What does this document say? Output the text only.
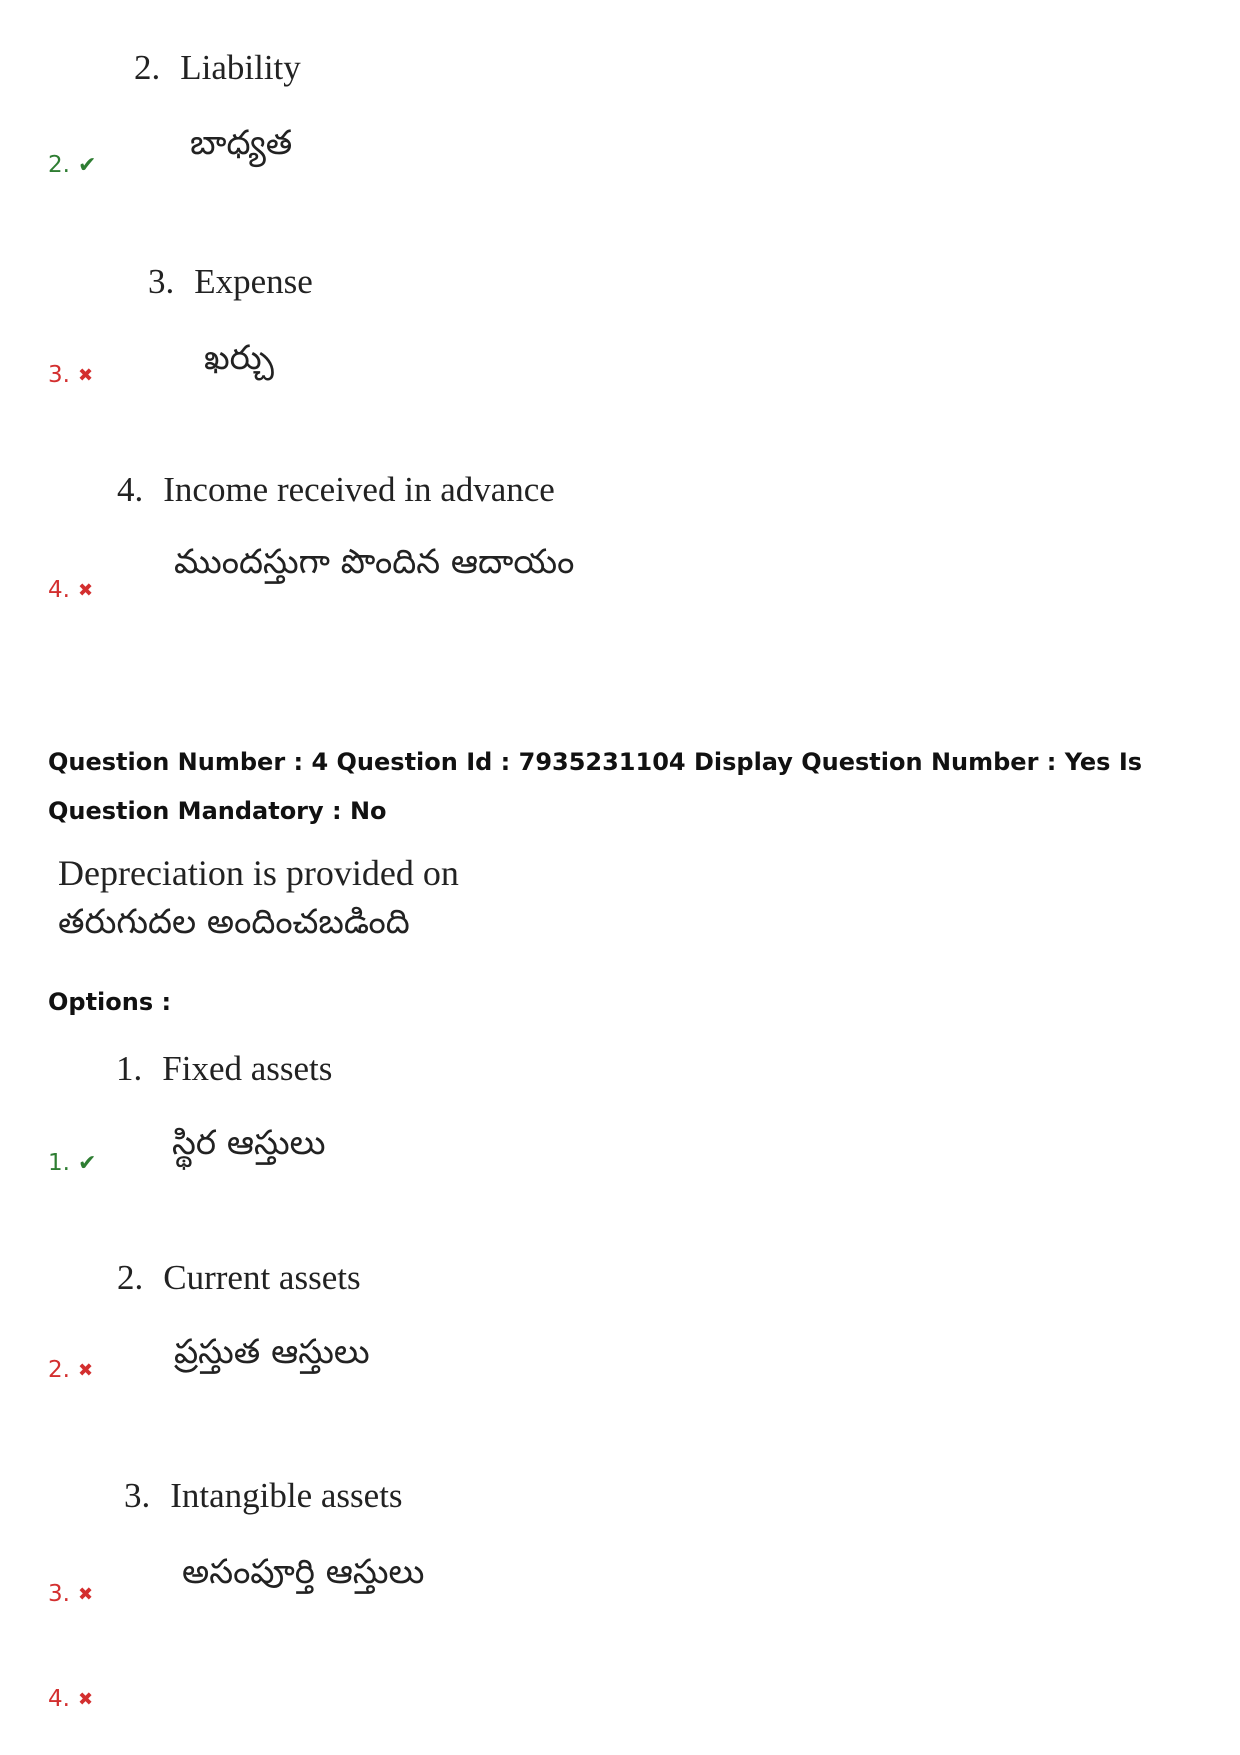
2. Liability
బాధ్యత
2. ✔
3. Expense
ఖర్చు
3. ✖
4. Income received in advance
ముందస్తుగా పొందిన ఆదాయం
4. ✖
Question Number : 4 Question Id : 7935231104 Display Question Number : Yes Is Question Mandatory : No
Depreciation is provided on
తరుగుదల అందించబడింది
Options :
1. Fixed assets
స్థిర ఆస్తులు
1. ✔
2. Current assets
ప్రస్తుత ఆస్తులు
2. ✖
3. Intangible assets
అసంపూర్తి ఆస్తులు
3. ✖
4. ✖
